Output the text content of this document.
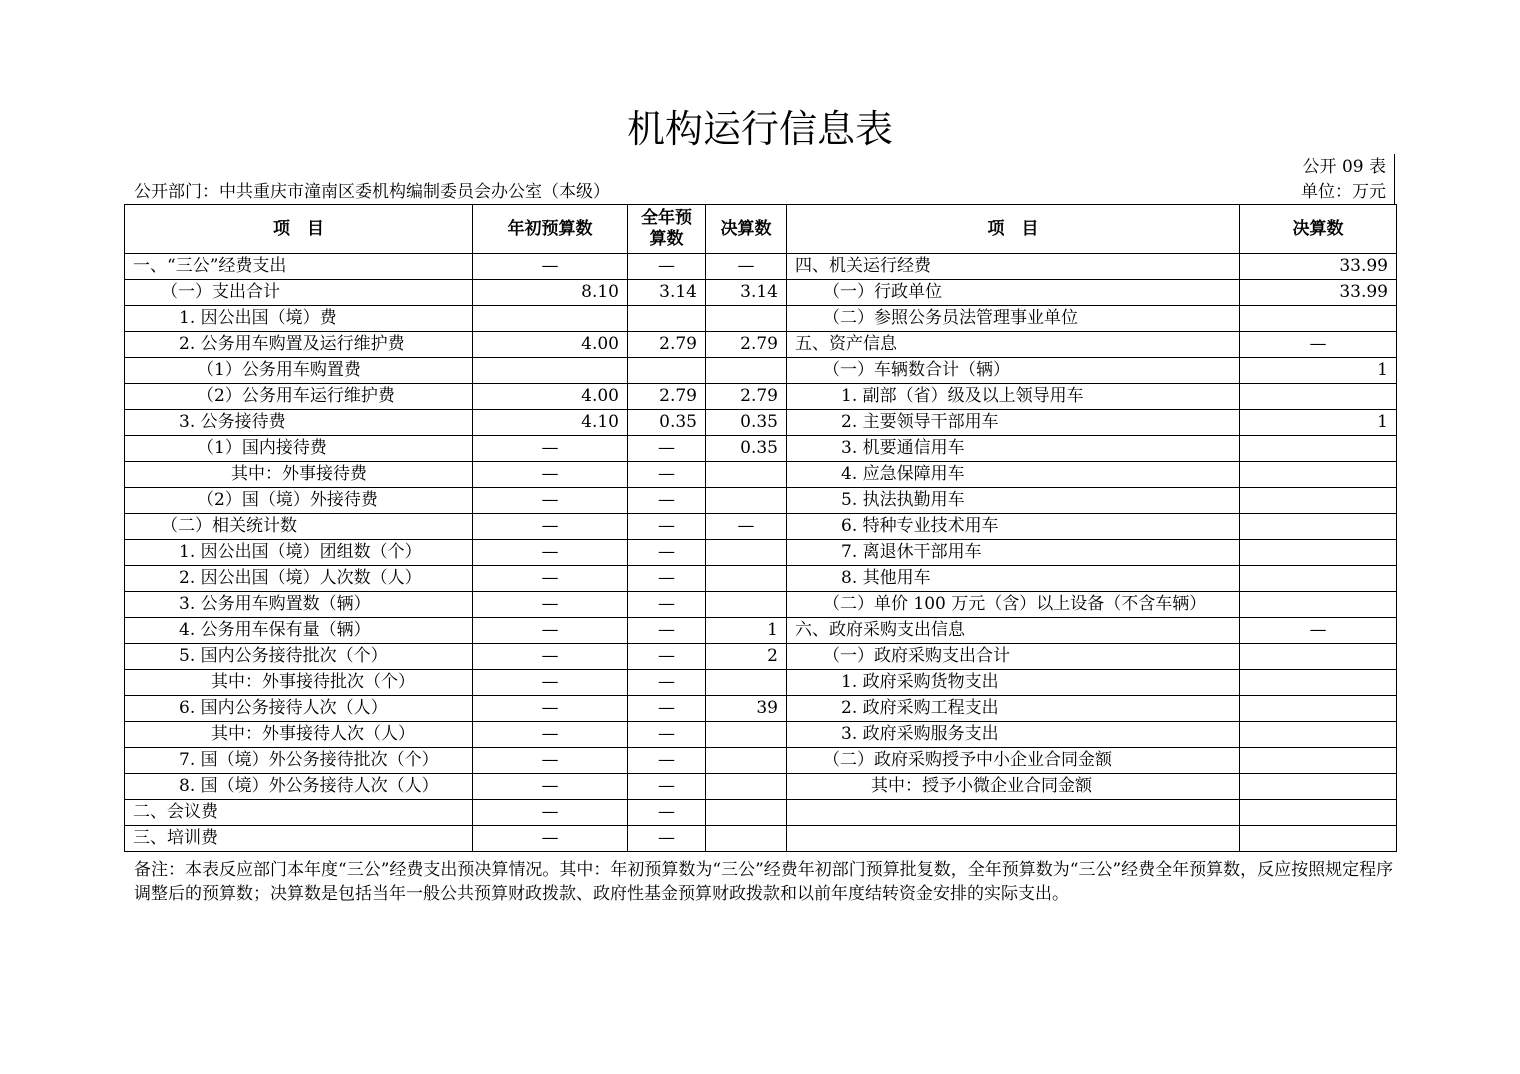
机构运行信息表
公开 09 表
公开部门：中共重庆市潼南区委机构编制委员会办公室（本级）	单位：万元
项　目	年初预算数	全年预算数	决算数	项　目	决算数
一、“三公”经费支出	—	—	—	四、机关运行经费	33.99
（一）支出合计	8.10	3.14	3.14	（一）行政单位	33.99
1. 因公出国（境）费				（二）参照公务员法管理事业单位	
2. 公务用车购置及运行维护费	4.00	2.79	2.79	五、资产信息	—
（1）公务用车购置费				（一）车辆数合计（辆）	1
（2）公务用车运行维护费	4.00	2.79	2.79	1. 副部（省）级及以上领导用车	
3. 公务接待费	4.10	0.35	0.35	2. 主要领导干部用车	1
（1）国内接待费	—	—	0.35	3. 机要通信用车	
其中：外事接待费	—	—		4. 应急保障用车	
（2）国（境）外接待费	—	—		5. 执法执勤用车	
（二）相关统计数	—	—	—	6. 特种专业技术用车	
1. 因公出国（境）团组数（个）	—	—		7. 离退休干部用车	
2. 因公出国（境）人次数（人）	—	—		8. 其他用车	
3. 公务用车购置数（辆）	—	—		（二）单价 100 万元（含）以上设备（不含车辆）	
4. 公务用车保有量（辆）	—	—	1	六、政府采购支出信息	—
5. 国内公务接待批次（个）	—	—	2	（一）政府采购支出合计	
其中：外事接待批次（个）	—	—		1. 政府采购货物支出	
6. 国内公务接待人次（人）	—	—	39	2. 政府采购工程支出	
其中：外事接待人次（人）	—	—		3. 政府采购服务支出	
7. 国（境）外公务接待批次（个）	—	—		（二）政府采购授予中小企业合同金额	
8. 国（境）外公务接待人次（人）	—	—		其中：授予小微企业合同金额	
二、会议费	—	—			
三、培训费	—	—			
备注：本表反应部门本年度“三公”经费支出预决算情况。其中：年初预算数为“三公”经费年初部门预算批复数，全年预算数为“三公”经费全年预算数，反应按照规定程序调整后的预算数；决算数是包括当年一般公共预算财政拨款、政府性基金预算财政拨款和以前年度结转资金安排的实际支出。
